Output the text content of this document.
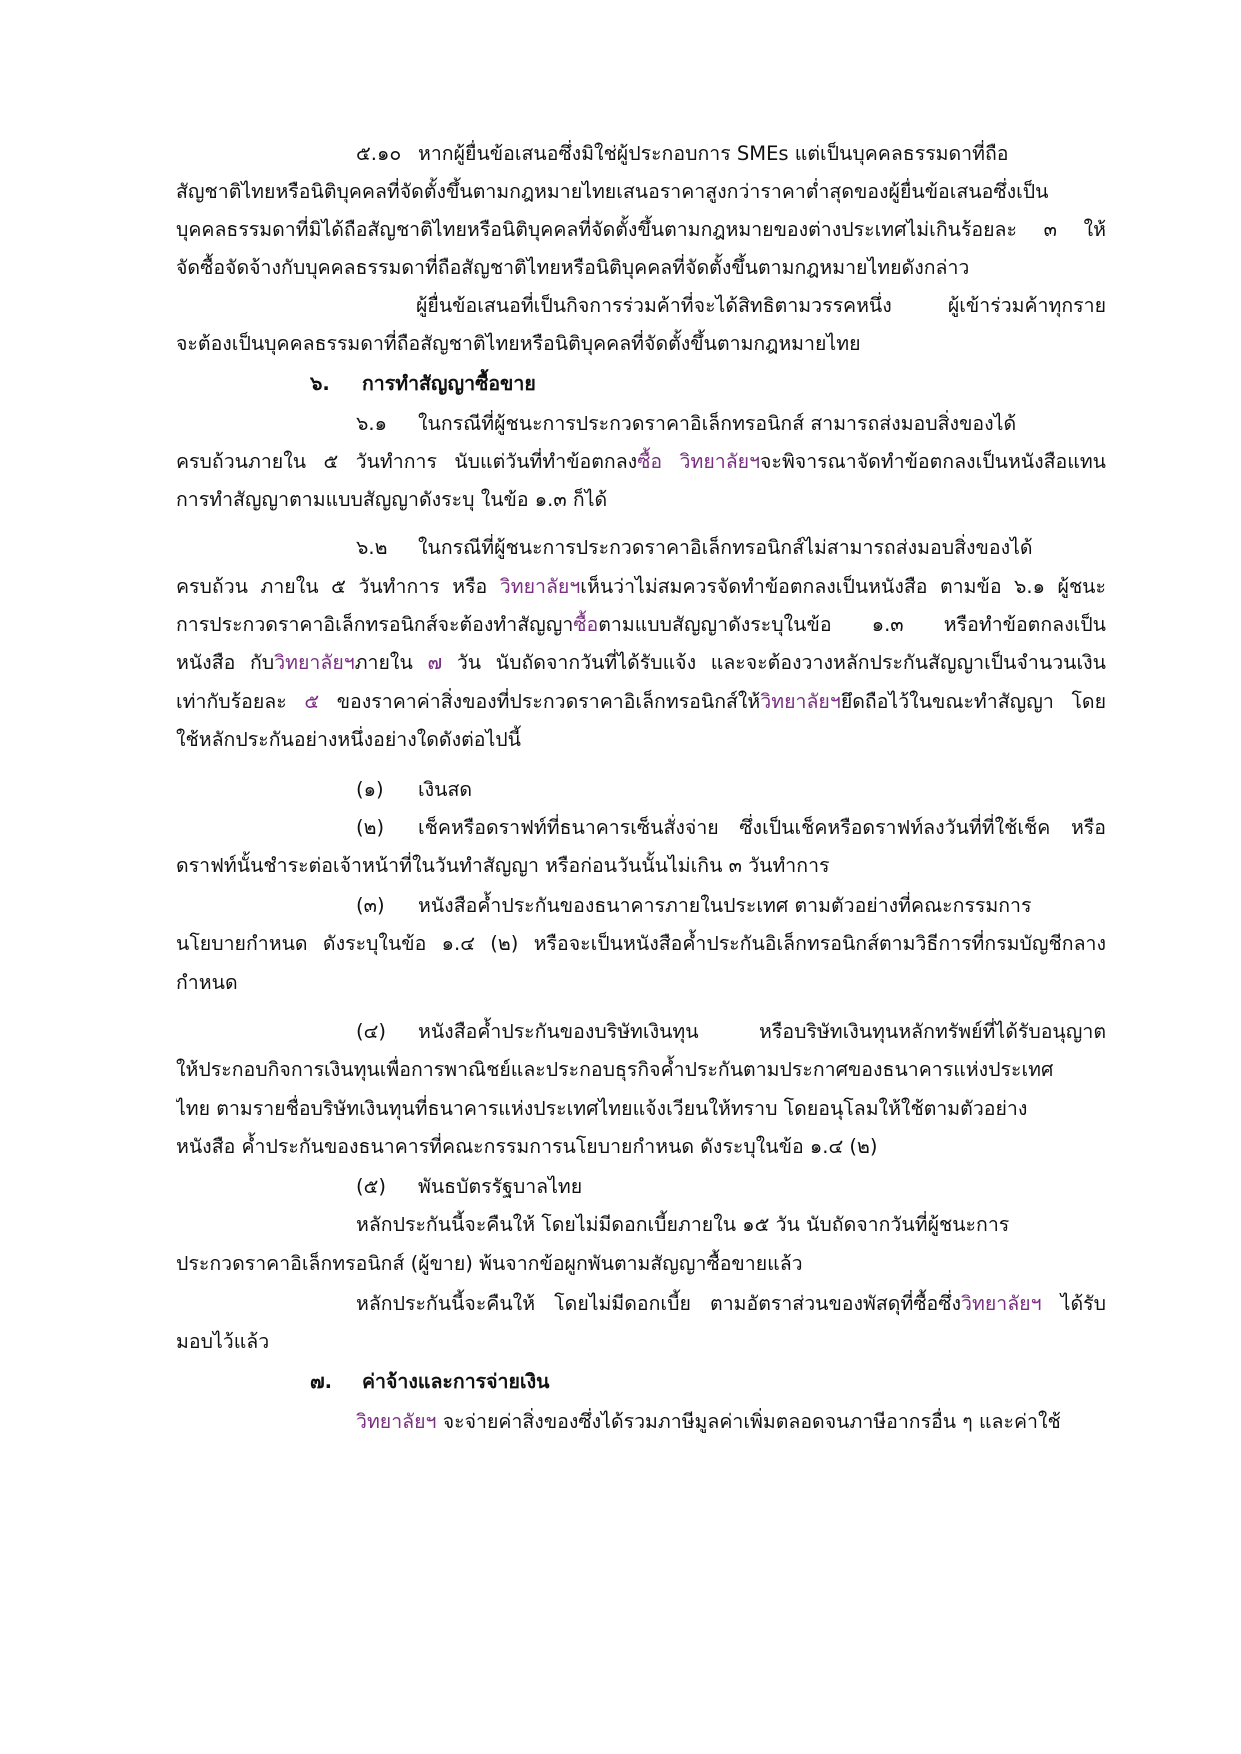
๕.๑๐ หากผู้ยื่นข้อเสนอซึ่งมิใช่ผู้ประกอบการ SMEs แต่เป็นบุคคลธรรมดาที่ถือ
สัญชาติไทยหรือนิติบุคคลที่จัดตั้งขึ้นตามกฎหมายไทยเสนอราคาสูงกว่าราคาต่ำสุดของผู้ยื่นข้อเสนอซึ่งเป็น
บุคคลธรรมดาที่มิได้ถือสัญชาติไทยหรือนิติบุคคลที่จัดตั้งขึ้นตามกฎหมายของต่างประเทศไม่เกินร้อยละ ๓ ให้
จัดซื้อจัดจ้างกับบุคคลธรรมดาที่ถือสัญชาติไทยหรือนิติบุคคลที่จัดตั้งขึ้นตามกฎหมายไทยดังกล่าว
ผู้ยื่นข้อเสนอที่เป็นกิจการร่วมค้าที่จะได้สิทธิตามวรรคหนึ่ง ผู้เข้าร่วมค้าทุกราย
จะต้องเป็นบุคคลธรรมดาที่ถือสัญชาติไทยหรือนิติบุคคลที่จัดตั้งขึ้นตามกฎหมายไทย
๖. การทำสัญญาซื้อขาย
๖.๑ ในกรณีที่ผู้ชนะการประกวดราคาอิเล็กทรอนิกส์ สามารถส่งมอบสิ่งของได้
ครบถ้วนภายใน ๕ วันทำการ นับแต่วันที่ทำข้อตกลงซื้อ วิทยาลัยฯจะพิจารณาจัดทำข้อตกลงเป็นหนังสือแทน
การทำสัญญาตามแบบสัญญาดังระบุ ในข้อ ๑.๓ ก็ได้
๖.๒ ในกรณีที่ผู้ชนะการประกวดราคาอิเล็กทรอนิกส์ไม่สามารถส่งมอบสิ่งของได้
ครบถ้วน ภายใน ๕ วันทำการ หรือ วิทยาลัยฯเห็นว่าไม่สมควรจัดทำข้อตกลงเป็นหนังสือ ตามข้อ ๖.๑ ผู้ชนะ
การประกวดราคาอิเล็กทรอนิกส์จะต้องทำสัญญาซื้อตามแบบสัญญาดังระบุในข้อ ๑.๓ หรือทำข้อตกลงเป็น
หนังสือ กับวิทยาลัยฯภายใน ๗ วัน นับถัดจากวันที่ได้รับแจ้ง และจะต้องวางหลักประกันสัญญาเป็นจำนวนเงิน
เท่ากับร้อยละ ๕ ของราคาค่าสิ่งของที่ประกวดราคาอิเล็กทรอนิกส์ให้วิทยาลัยฯยึดถือไว้ในขณะทำสัญญา โดย
ใช้หลักประกันอย่างหนึ่งอย่างใดดังต่อไปนี้
(๑) เงินสด
(๒) เช็คหรือดราฟท์ที่ธนาคารเซ็นสั่งจ่าย ซึ่งเป็นเช็คหรือดราฟท์ลงวันที่ที่ใช้เช็ค หรือ
ดราฟท์นั้นชำระต่อเจ้าหน้าที่ในวันทำสัญญา หรือก่อนวันนั้นไม่เกิน ๓ วันทำการ
(๓) หนังสือค้ำประกันของธนาคารภายในประเทศ ตามตัวอย่างที่คณะกรรมการ
นโยบายกำหนด ดังระบุในข้อ ๑.๔ (๒) หรือจะเป็นหนังสือค้ำประกันอิเล็กทรอนิกส์ตามวิธีการที่กรมบัญชีกลาง
กำหนด
(๔) หนังสือค้ำประกันของบริษัทเงินทุน หรือบริษัทเงินทุนหลักทรัพย์ที่ได้รับอนุญาต
ให้ประกอบกิจการเงินทุนเพื่อการพาณิชย์และประกอบธุรกิจค้ำประกันตามประกาศของธนาคารแห่งประเทศ
ไทย ตามรายชื่อบริษัทเงินทุนที่ธนาคารแห่งประเทศไทยแจ้งเวียนให้ทราบ โดยอนุโลมให้ใช้ตามตัวอย่าง
หนังสือ ค้ำประกันของธนาคารที่คณะกรรมการนโยบายกำหนด ดังระบุในข้อ ๑.๔ (๒)
(๕) พันธบัตรรัฐบาลไทย
หลักประกันนี้จะคืนให้ โดยไม่มีดอกเบี้ยภายใน ๑๕ วัน นับถัดจากวันที่ผู้ชนะการ
ประกวดราคาอิเล็กทรอนิกส์ (ผู้ขาย) พ้นจากข้อผูกพันตามสัญญาซื้อขายแล้ว
หลักประกันนี้จะคืนให้ โดยไม่มีดอกเบี้ย ตามอัตราส่วนของพัสดุที่ซื้อซึ่งวิทยาลัยฯ ได้รับ
มอบไว้แล้ว
๗. ค่าจ้างและการจ่ายเงิน
วิทยาลัยฯ จะจ่ายค่าสิ่งของซึ่งได้รวมภาษีมูลค่าเพิ่มตลอดจนภาษีอากรอื่น ๆ และค่าใช้
